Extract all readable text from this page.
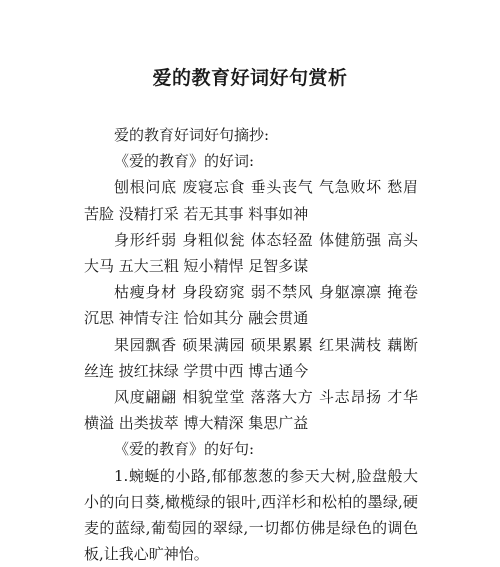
爱的教育好词好句赏析

爱的教育好词好句摘抄:

《爱的教育》的好词:

刨根问底 废寝忘食 垂头丧气 气急败坏 愁眉苦脸 没精打采 若无其事 料事如神

身形纤弱 身粗似瓮 体态轻盈 体健筋强 高头大马 五大三粗 短小精悍 足智多谋

枯瘦身材 身段窈窕 弱不禁风 身躯凛凛 掩卷沉思 神情专注 恰如其分 融会贯通

果园飘香 硕果满园 硕果累累 红果满枝 藕断丝连 披红抹绿 学贯中西 博古通今

风度翩翩 相貌堂堂 落落大方 斗志昂扬 才华横溢 出类拔萃 博大精深 集思广益

《爱的教育》的好句:

1.蜿蜒的小路,郁郁葱葱的参天大树,脸盘般大小的向日葵,橄榄绿的银叶,西洋杉和松柏的墨绿,硬麦的蓝绿,葡萄园的翠绿,一切都仿佛是绿色的调色板,让我心旷神怡。
